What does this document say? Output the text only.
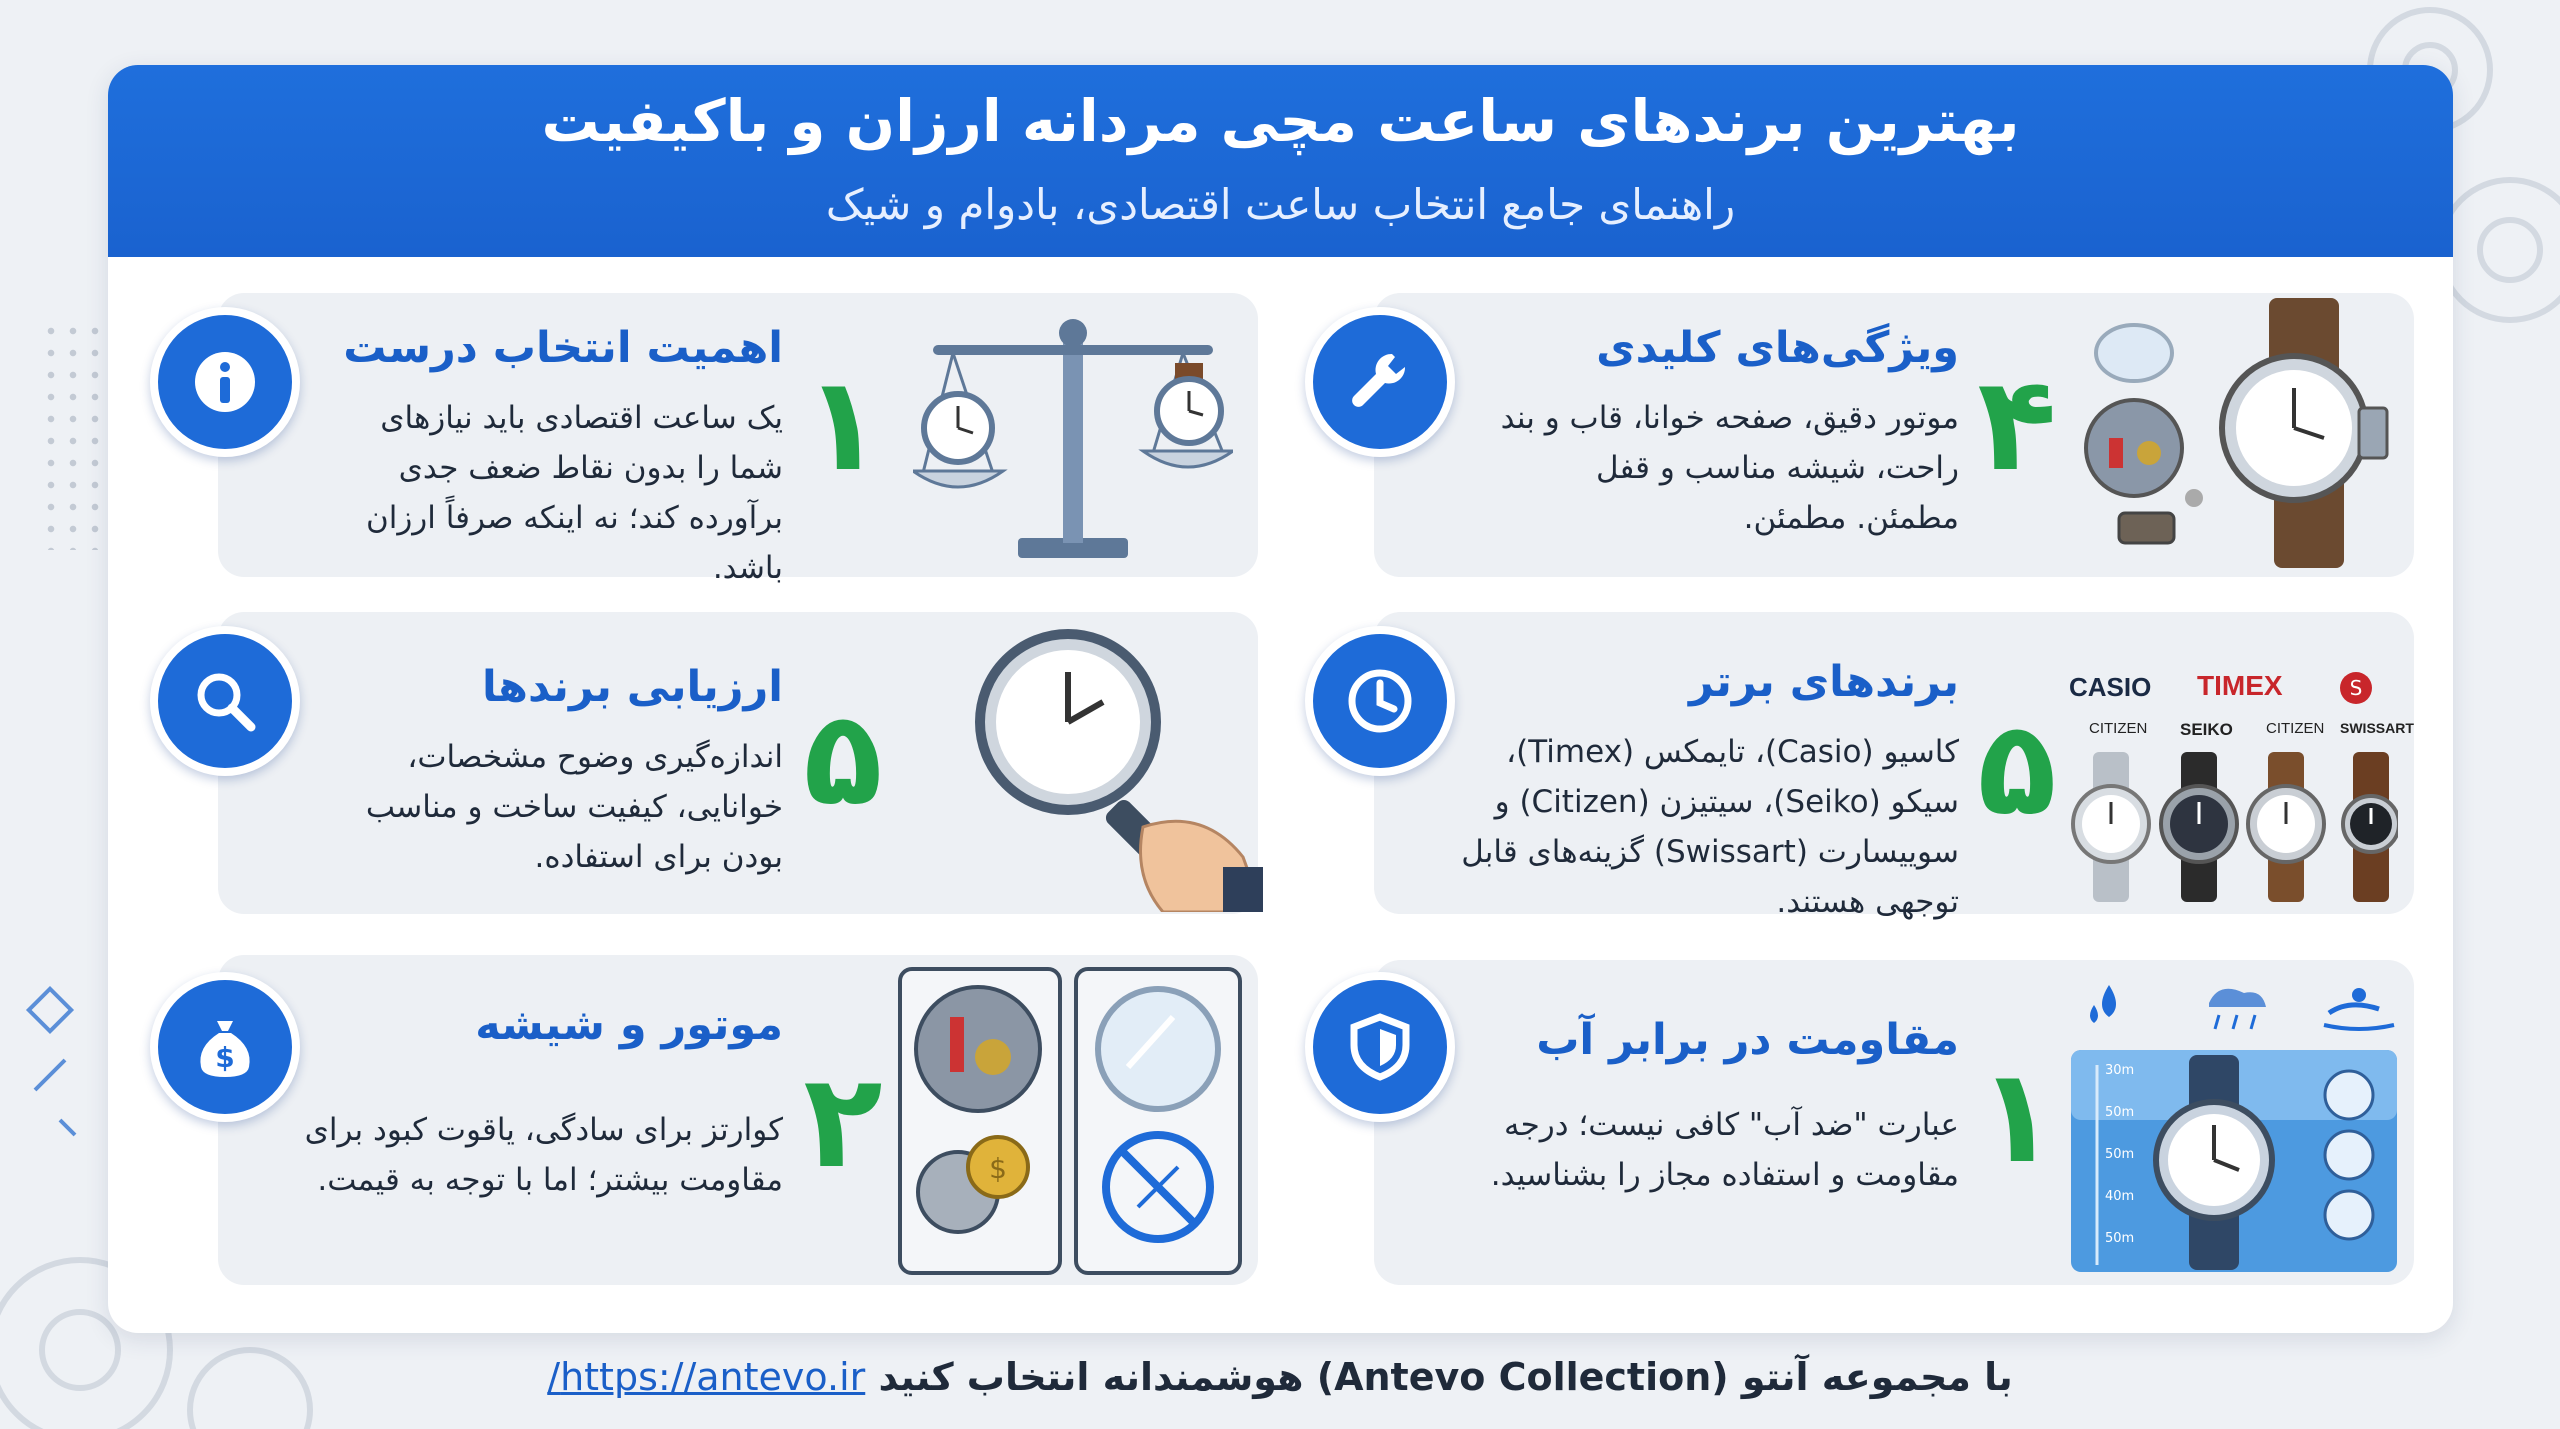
بهترین برندهای ساعت مچی مردانه ارزان و باکیفیت
راهنمای جامع انتخاب ساعت اقتصادی، بادوام و شیک
اهمیت انتخاب درست
یک ساعت اقتصادی باید نیازهای شما را بدون نقاط ضعف جدی برآورده کند؛ نه اینکه صرفاً ارزان باشد.
۱	ویژگی‌های کلیدی
موتور دقیق، صفحه خوانا، قاب و بند راحت، شیشه مناسب و قفل مطمئن. مطمئن.
۴
ارزیابی برندها
اندازه‌گیری وضوح مشخصات، خوانایی، کیفیت ساخت و مناسب بودن برای استفاده.
۵	برندهای برتر
کاسیو (Casio)، تایمکس (Timex)، سیکو (Seiko)، سیتیزن (Citizen) و سوییسارت (Swissart) گزینه‌های قابل توجهی هستند.
۵
CASIO TIMEX	S
CITIZEN SEIKO CITIZEN SWISSART
موتور و شیشه
کوارتز برای سادگی، یاقوت کبود برای مقاومت بیشتر؛ اما با توجه به قیمت. ۲	$
$	مقاومت در برابر آب
عبارت "ضد آب" کافی نیست؛ درجه مقاومت و استفاده مجاز را بشناسید. ۱	30m
50m
50m
40m
50m
با مجموعه آنتو (Antevo Collection) هوشمندانه انتخاب کنید https://antevo.ir/
